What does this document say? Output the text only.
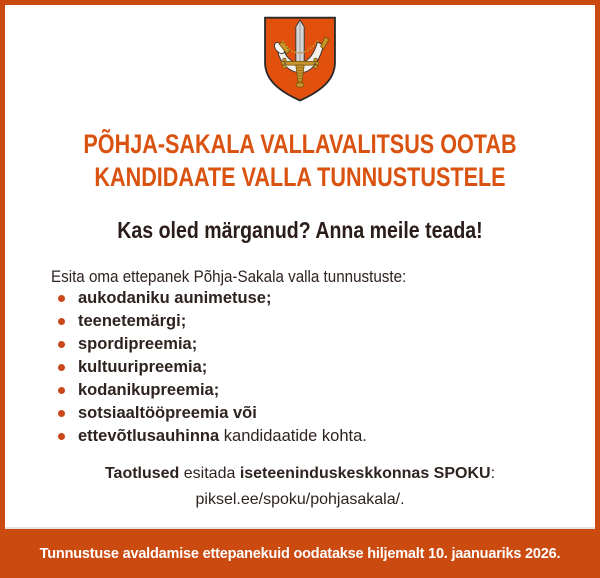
PÕHJA-SAKALA VALLAVALITSUS OOTAB
KANDIDAATE VALLA TUNNUSTUSTELE
Kas oled märganud? Anna meile teada!
Esita oma ettepanek Põhja-Sakala valla tunnustuste:
aukodaniku aunimetuse;
teenetemärgi;
spordipreemia;
kultuuripreemia;
kodanikupreemia;
sotsiaaltööpreemia või
ettevõtlusauhinna kandidaatide kohta.
Taotlused esitada iseteeninduskeskkonnas SPOKU:
piksel.ee/spoku/pohjasakala/.
Tunnustuse avaldamise ettepanekuid oodatakse hiljemalt 10. jaanuariks 2026.
